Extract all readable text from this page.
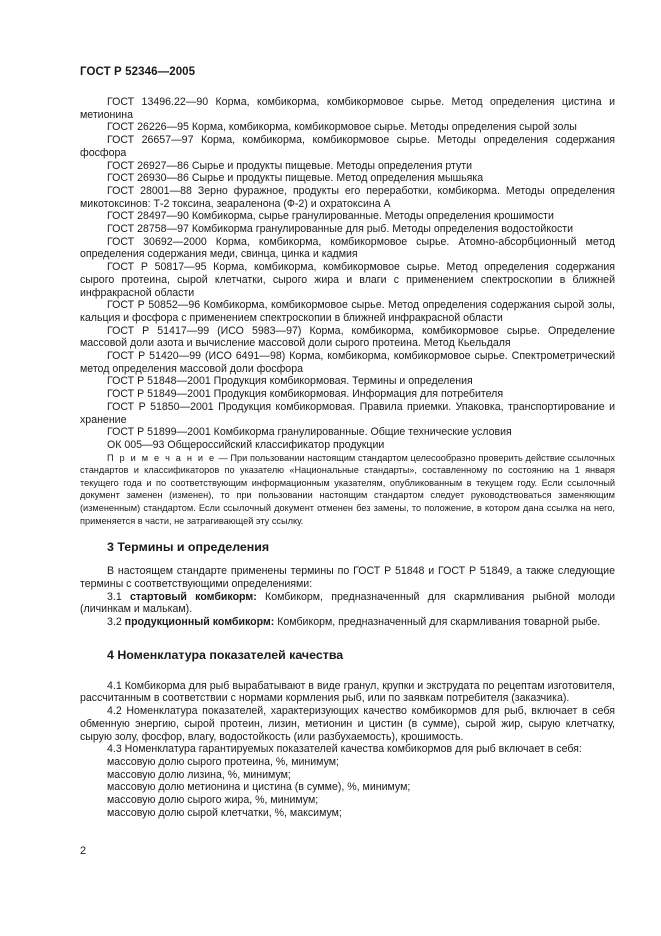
ГОСТ Р 52346—2005

ГОСТ 13496.22—90 Корма, комбикорма, комбикормовое сырье. Метод определения цистина и метионина

ГОСТ 26226—95 Корма, комбикорма, комбикормовое сырье. Методы определения сырой золы

ГОСТ 26657—97 Корма, комбикорма, комбикормовое сырье. Методы определения содержания фосфора

ГОСТ 26927—86 Сырье и продукты пищевые. Методы определения ртути

ГОСТ 26930—86 Сырье и продукты пищевые. Метод определения мышьяка

ГОСТ 28001—88 Зерно фуражное, продукты его переработки, комбикорма. Методы определения микотоксинов: Т-2 токсина, зеараленона (Ф-2) и охратоксина А

ГОСТ 28497—90 Комбикорма, сырье гранулированные. Методы определения крошимости

ГОСТ 28758—97 Комбикорма гранулированные для рыб. Методы определения водостойкости

ГОСТ 30692—2000 Корма, комбикорма, комбикормовое сырье. Атомно-абсорбционный метод определения содержания меди, свинца, цинка и кадмия

ГОСТ Р 50817—95 Корма, комбикорма, комбикормовое сырье. Метод определения содержания сырого протеина, сырой клетчатки, сырого жира и влаги с применением спектроскопии в ближней инфракрасной области

ГОСТ Р 50852—96 Комбикорма, комбикормовое сырье. Метод определения содержания сырой золы, кальция и фосфора с применением спектроскопии в ближней инфракрасной области

ГОСТ Р 51417—99 (ИСО 5983—97) Корма, комбикорма, комбикормовое сырье. Определение массовой доли азота и вычисление массовой доли сырого протеина. Метод Кьельдаля

ГОСТ Р 51420—99 (ИСО 6491—98) Корма, комбикорма, комбикормовое сырье. Спектрометрический метод определения массовой доли фосфора

ГОСТ Р 51848—2001 Продукция комбикормовая. Термины и определения

ГОСТ Р 51849—2001 Продукция комбикормовая. Информация для потребителя

ГОСТ Р 51850—2001 Продукция комбикормовая. Правила приемки. Упаковка, транспортирование и хранение

ГОСТ Р 51899—2001 Комбикорма гранулированные. Общие технические условия

ОК 005—93 Общероссийский классификатор продукции

П р и м е ч а н и е — При пользовании настоящим стандартом целесообразно проверить действие ссылочных стандартов и классификаторов по указателю «Национальные стандарты», составленному по состоянию на 1 января текущего года и по соответствующим информационным указателям, опубликованным в текущем году. Если ссылочный документ заменен (изменен), то при пользовании настоящим стандартом следует руководствоваться заменяющим (измененным) стандартом. Если ссылочный документ отменен без замены, то положение, в котором дана ссылка на него, применяется в части, не затрагивающей эту ссылку.

3 Термины и определения

В настоящем стандарте применены термины по ГОСТ Р 51848 и ГОСТ Р 51849, а также следующие термины с соответствующими определениями:

3.1 стартовый комбикорм: Комбикорм, предназначенный для скармливания рыбной молоди (личинкам и малькам).

3.2 продукционный комбикорм: Комбикорм, предназначенный для скармливания товарной рыбе.

4 Номенклатура показателей качества

4.1 Комбикорма для рыб вырабатывают в виде гранул, крупки и экструдата по рецептам изготовителя, рассчитанным в соответствии с нормами кормления рыб, или по заявкам потребителя (заказчика).

4.2 Номенклатура показателей, характеризующих качество комбикормов для рыб, включает в себя обменную энергию, сырой протеин, лизин, метионин и цистин (в сумме), сырой жир, сырую клетчатку, сырую золу, фосфор, влагу, водостойкость (или разбухаемость), крошимость.

4.3 Номенклатура гарантируемых показателей качества комбикормов для рыб включает в себя:

массовую долю сырого протеина, %, минимум;

массовую долю лизина, %, минимум;

массовую долю метионина и цистина (в сумме), %, минимум;

массовую долю сырого жира, %, минимум;

массовую долю сырой клетчатки, %, максимум;

2
